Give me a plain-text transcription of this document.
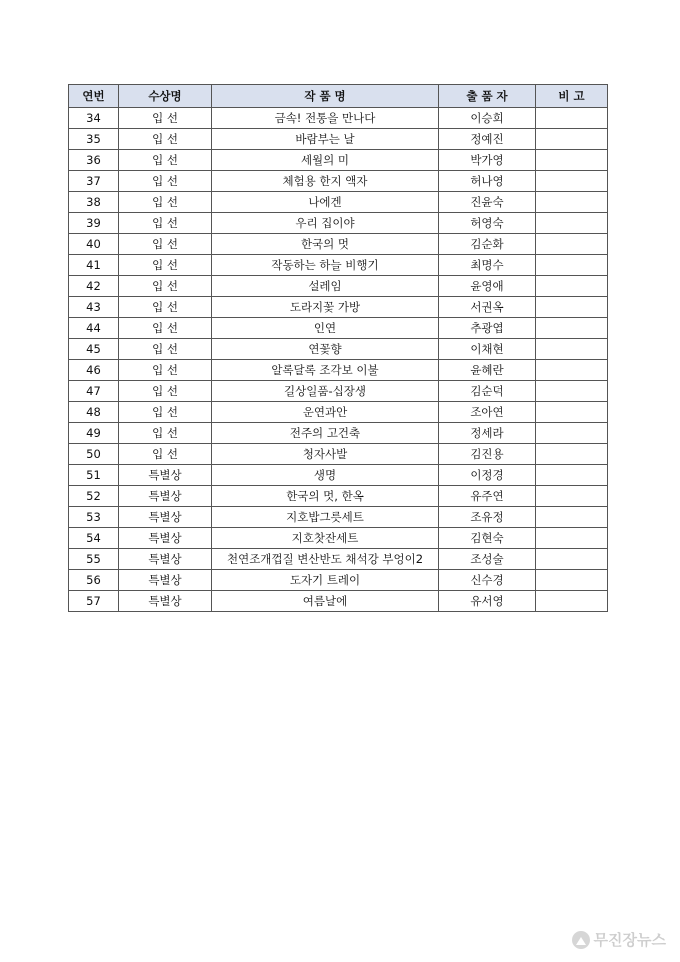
연번	수상명	작 품 명	출 품 자	비 고
34	입 선	금속! 전통을 만나다	이승희	
35	입 선	바람부는 날	정예진	
36	입 선	세월의 미	박가영	
37	입 선	체험용 한지 액자	허나영	
38	입 선	나에겐	진윤숙	
39	입 선	우리 집이야	허영숙	
40	입 선	한국의 멋	김순화	
41	입 선	작동하는 하늘 비행기	최명수	
42	입 선	설레임	윤영애	
43	입 선	도라지꽃 가방	서권옥	
44	입 선	인연	추광엽	
45	입 선	연꽃향	이채현	
46	입 선	알록달록 조각보 이불	윤혜란	
47	입 선	길상일품-십장생	김순덕	
48	입 선	운연과안	조아연	
49	입 선	전주의 고건축	정세라	
50	입 선	청자사발	김진용	
51	특별상	생명	이정경	
52	특별상	한국의 멋, 한옥	유주연	
53	특별상	지호밥그릇세트	조유정	
54	특별상	지호찻잔세트	김현숙	
55	특별상	천연조개껍질 변산반도 채석강 부엉이2	조성술	
56	특별상	도자기 트레이	신수경	
57	특별상	여름날에	유서영	
무진장뉴스
